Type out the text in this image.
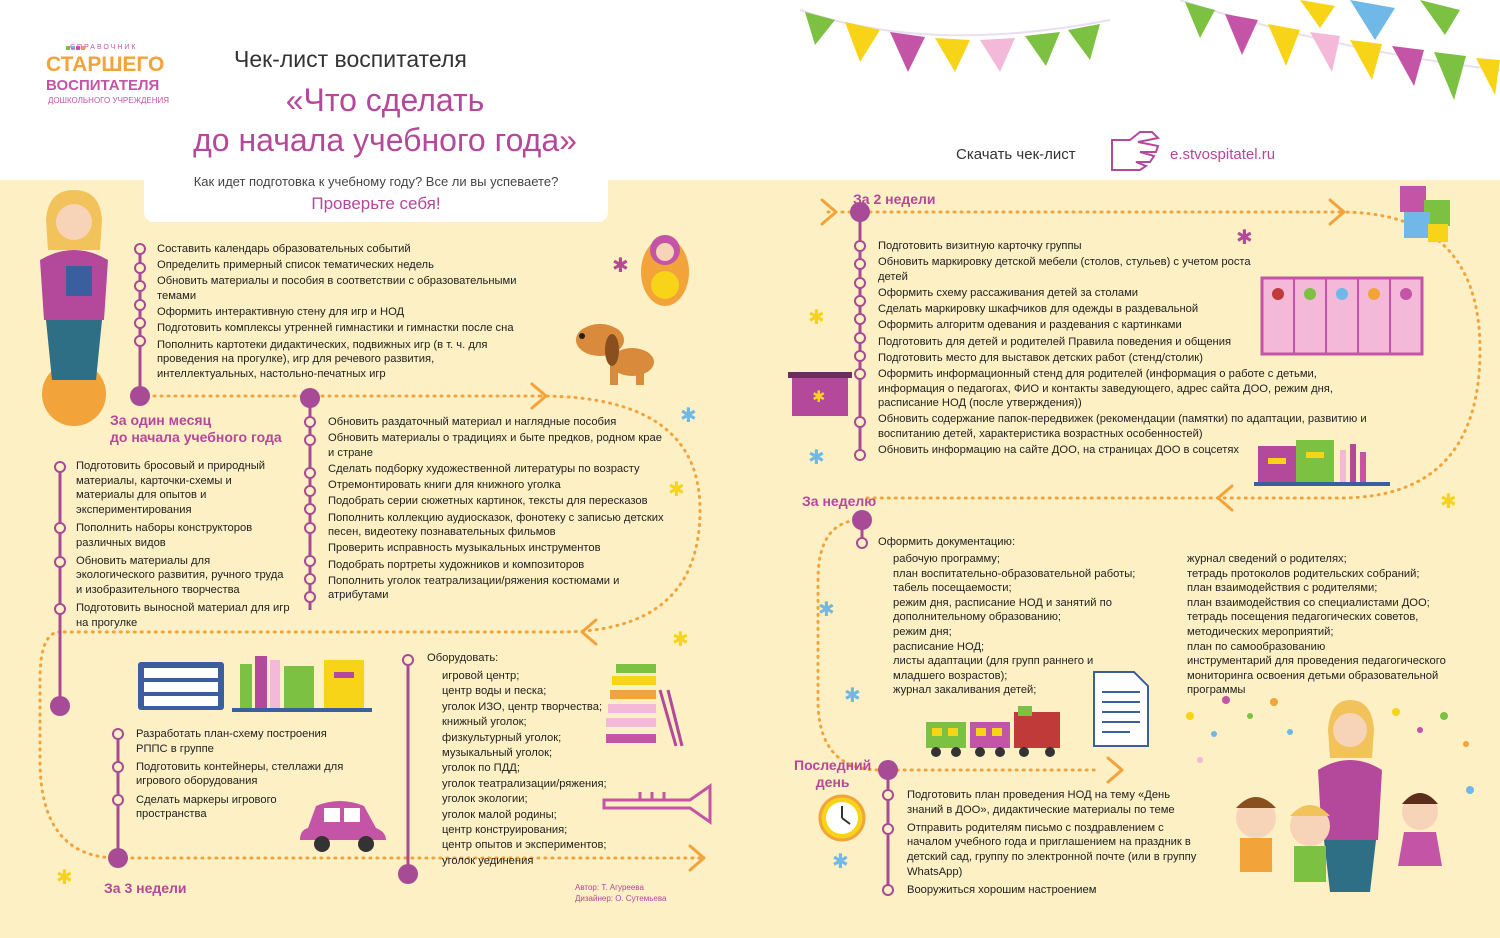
✱
✱
✱
✱
✱
✱
✱
✱
✱
✱
✱
✱
✱
СПРАВОЧНИК
СТАРШЕГО
ВОСПИТАТЕЛЯ
ДОШКОЛЬНОГО УЧРЕЖДЕНИЯ
Чек-лист воспитателя
«Что сделать
до начала учебного года»	Скачать чек-лист	e.stvospitatel.ru
Как идет подготовка к учебному году? Все ли вы успеваете?
Проверьте себя!
Составить календарь образовательных событий
Определить примерный список тематических недель
Обновить материалы и пособия в соответствии с образовательными темами
Оформить интерактивную стену для игр и НОД
Подготовить комплексы утренней гимнастики и гимнастки после сна
Пополнить картотеки дидактических, подвижных игр (в т. ч. для проведения на прогулке), игр для речевого развития, интеллектуальных, настольно-печатных игр
За один месяц
до начала учебного года
Подготовить бросовый и природный материалы, карточки-схемы и материалы для опытов и экспериментирования
Пополнить наборы конструкторов различных видов
Обновить материалы для экологического развития, ручного труда и изобразительного творчества
Подготовить выносной материал для игр на прогулке
Обновить раздаточный материал и наглядные пособия
Обновить материалы о традициях и быте предков, родном крае и стране
Сделать подборку художественной литературы по возрасту
Отремонтировать книги для книжного уголка
Подобрать серии сюжетных картинок, тексты для пересказов
Пополнить коллекцию аудиосказок, фонотеку с записью детских песен, видеотеку познавательных фильмов
Проверить исправность музыкальных инструментов
Подобрать портреты художников и композиторов
Пополнить уголок театрализации/ряжения костюмами и атрибутами
Разработать план-схему построения РППС в группе
Подготовить контейнеры, стеллажи для игрового оборудования
Сделать маркеры игрового пространства
За 3 недели
Оборудовать:
игровой центр;
центр воды и песка;
уголок ИЗО, центр творчества;
книжный уголок;
физкультурный уголок;
музыкальный уголок;
уголок по ПДД;
уголок театрализации/ряжения;
уголок экологии;
уголок малой родины;
центр конструирования;
центр опытов и экспериментов;
уголок уединения
Автор: Т. Агуреева
Дизайнер: О. Сутемьева
За 2 недели
Подготовить визитную карточку группы
Обновить маркировку детской мебели (столов, стульев) с учетом роста детей
Оформить схему рассаживания детей за столами
Сделать маркировку шкафчиков для одежды в раздевальной
Оформить алгоритм одевания и раздевания с картинками
Подготовить для детей и родителей Правила поведения и общения
Подготовить место для выставок детских работ (стенд/столик)
Оформить информационный стенд для родителей (информация о работе с детьми, информация о педагогах, ФИО и контакты заведующего, адрес сайта ДОО, режим дня, расписание НОД (после утверждения))
Обновить содержание папок-передвижек (рекомендации (памятки) по адаптации, развитию и воспитанию детей, характеристика возрастных особенностей)
Обновить информацию на сайте ДОО, на страницах ДОО в соцсетях
За неделю
Оформить документацию:
рабочую программу;
план воспитательно-образовательной работы;
табель посещаемости;
режим дня, расписание НОД и занятий по дополнительному образованию;
режим дня;
расписание НОД;
листы адаптации (для групп раннего и младшего возрастов);
журнал закаливания детей;
журнал сведений о родителях;
тетрадь протоколов родительских собраний;
план взаимодействия с родителями;
план взаимодействия со специалистами ДОО;
тетрадь посещения педагогических советов, методических мероприятий;
план по самообразованию
инструментарий для проведения педагогического мониторинга освоения детьми образовательной программы
Последний
день
Подготовить план проведения НОД на тему «День знаний в ДОО», дидактические материалы по теме
Отправить родителям письмо с поздравлением с началом учебного года и приглашением на праздник в детский сад, группу по электронной почте (или в группу WhatsApp)
Вооружиться хорошим настроением
